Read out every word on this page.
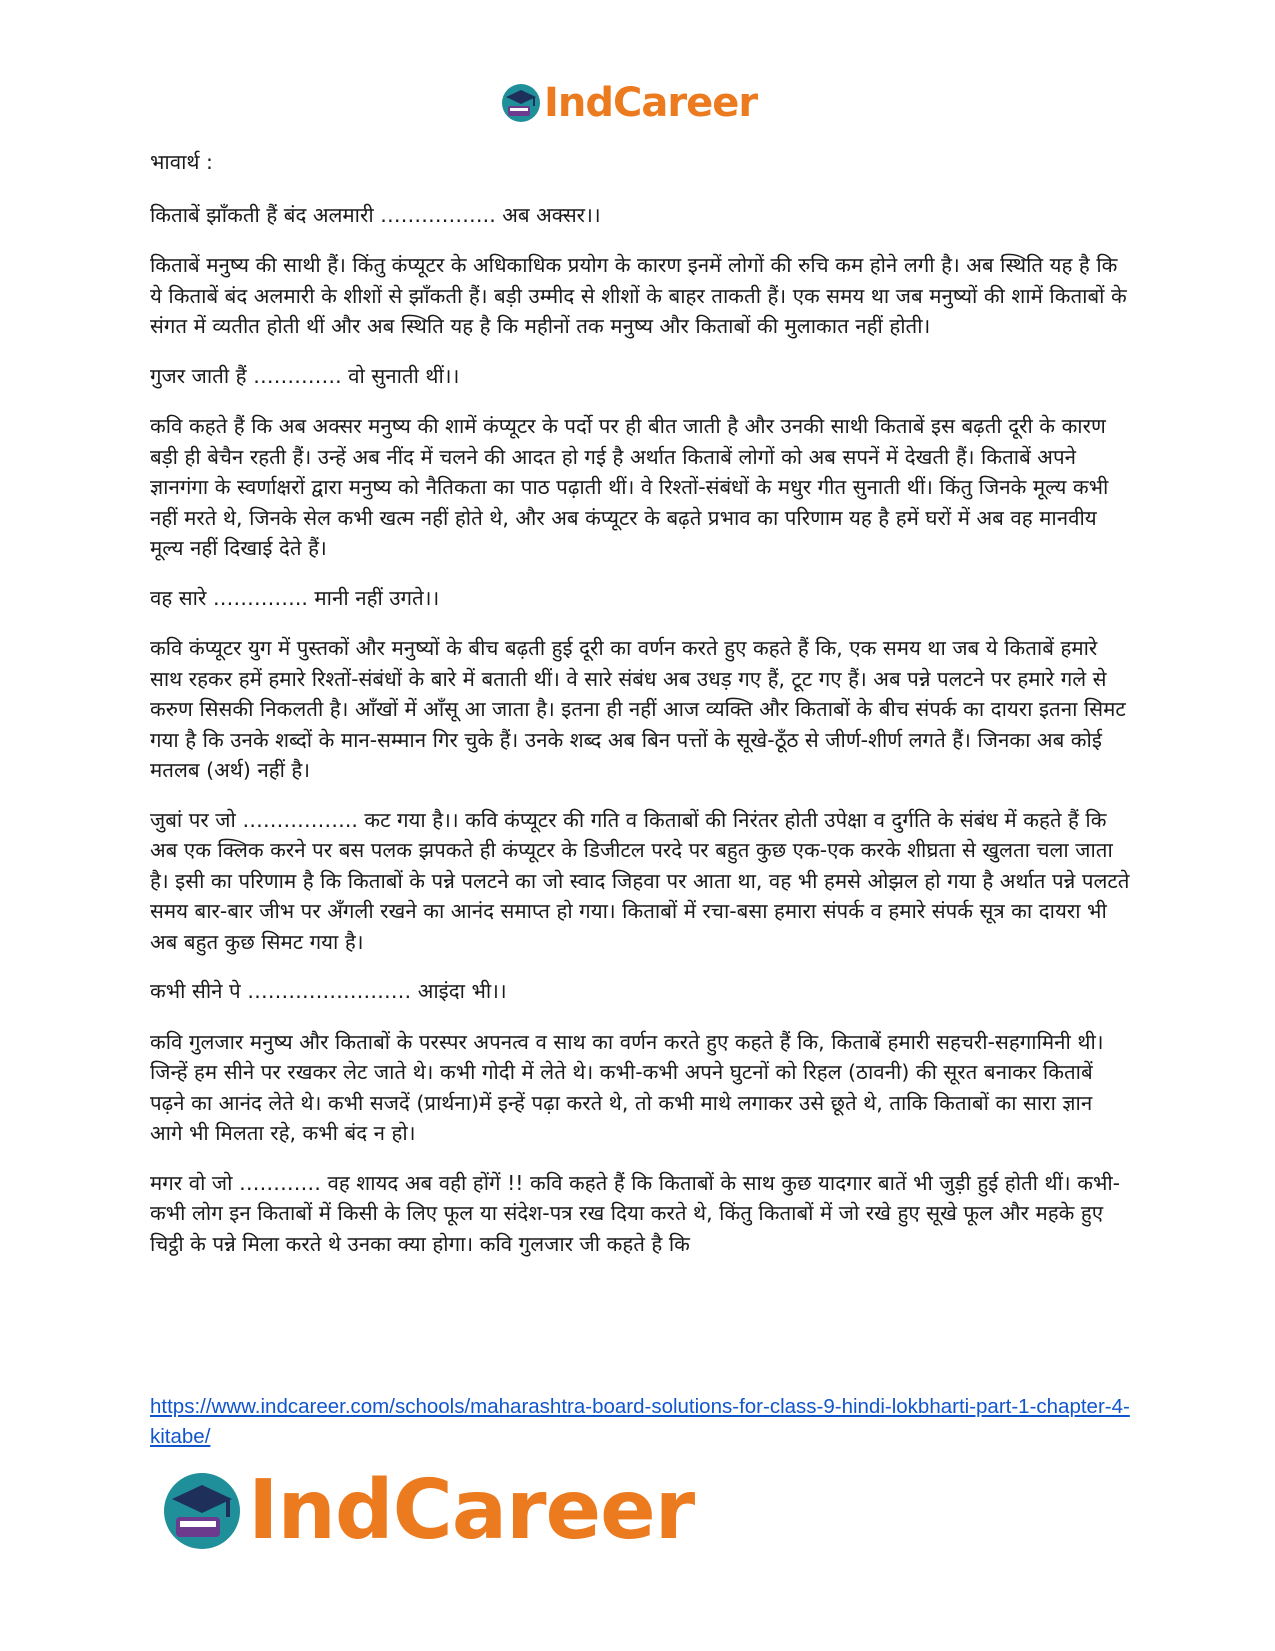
IndCareer

भावार्थ :

किताबें झाँकती हैं बंद अलमारी …………….. अब अक्सर।।

किताबें मनुष्य की साथी हैं। किंतु कंप्यूटर के अधिकाधिक प्रयोग के कारण इनमें लोगों की रुचि कम होने लगी है। अब स्थिति यह है कि ये किताबें बंद अलमारी के शीशों से झाँकती हैं। बड़ी उम्मीद से शीशों के बाहर ताकती हैं। एक समय था जब मनुष्यों की शामें किताबों के संगत में व्यतीत होती थीं और अब स्थिति यह है कि महीनों तक मनुष्य और किताबों की मुलाकात नहीं होती।

गुजर जाती हैं …………. वो सुनाती थीं।।

कवि कहते हैं कि अब अक्सर मनुष्य की शामें कंप्यूटर के पर्दो पर ही बीत जाती है और उनकी साथी किताबें इस बढ़ती दूरी के कारण बड़ी ही बेचैन रहती हैं। उन्हें अब नींद में चलने की आदत हो गई है अर्थात किताबें लोगों को अब सपनें में देखती हैं। किताबें अपने ज्ञानगंगा के स्वर्णाक्षरों द्वारा मनुष्य को नैतिकता का पाठ पढ़ाती थीं। वे रिश्तों-संबंधों के मधुर गीत सुनाती थीं। किंतु जिनके मूल्य कभी नहीं मरते थे, जिनके सेल कभी खत्म नहीं होते थे, और अब कंप्यूटर के बढ़ते प्रभाव का परिणाम यह है हमें घरों में अब वह मानवीय मूल्य नहीं दिखाई देते हैं।

वह सारे ………….. मानी नहीं उगते।।

कवि कंप्यूटर युग में पुस्तकों और मनुष्यों के बीच बढ़ती हुई दूरी का वर्णन करते हुए कहते हैं कि, एक समय था जब ये किताबें हमारे साथ रहकर हमें हमारे रिश्तों-संबंधों के बारे में बताती थीं। वे सारे संबंध अब उधड़ गए हैं, टूट गए हैं। अब पन्ने पलटने पर हमारे गले से करुण सिसकी निकलती है। आँखों में आँसू आ जाता है। इतना ही नहीं आज व्यक्ति और किताबों के बीच संपर्क का दायरा इतना सिमट गया है कि उनके शब्दों के मान-सम्मान गिर चुके हैं। उनके शब्द अब बिन पत्तों के सूखे-ठूँठ से जीर्ण-शीर्ण लगते हैं। जिनका अब कोई मतलब (अर्थ) नहीं है।

जुबां पर जो …………….. कट गया है।। कवि कंप्यूटर की गति व किताबों की निरंतर होती उपेक्षा व दुर्गति के संबंध में कहते हैं कि अब एक क्लिक करने पर बस पलक झपकते ही कंप्यूटर के डिजीटल परदे पर बहुत कुछ एक-एक करके शीघ्रता से खुलता चला जाता है। इसी का परिणाम है कि किताबों के पन्ने पलटने का जो स्वाद जिहवा पर आता था, वह भी हमसे ओझल हो गया है अर्थात पन्ने पलटते समय बार-बार जीभ पर अँगली रखने का आनंद समाप्त हो गया। किताबों में रचा-बसा हमारा संपर्क व हमारे संपर्क सूत्र का दायरा भी अब बहुत कुछ सिमट गया है।

कभी सीने पे …………………… आइंदा भी।।

कवि गुलजार मनुष्य और किताबों के परस्पर अपनत्व व साथ का वर्णन करते हुए कहते हैं कि, किताबें हमारी सहचरी-सहगामिनी थी। जिन्हें हम सीने पर रखकर लेट जाते थे। कभी गोदी में लेते थे। कभी-कभी अपने घुटनों को रिहल (ठावनी) की सूरत बनाकर किताबें पढ़ने का आनंद लेते थे। कभी सजदें (प्रार्थना)में इन्हें पढ़ा करते थे, तो कभी माथे लगाकर उसे छूते थे, ताकि किताबों का सारा ज्ञान आगे भी मिलता रहे, कभी बंद न हो।

मगर वो जो ………… वह शायद अब वही होंगें !! कवि कहते हैं कि किताबों के साथ कुछ यादगार बातें भी जुड़ी हुई होती थीं। कभी-कभी लोग इन किताबों में किसी के लिए फूल या संदेश-पत्र रख दिया करते थे, किंतु किताबों में जो रखे हुए सूखे फूल और महके हुए चिट्ठी के पन्ने मिला करते थे उनका क्या होगा। कवि गुलजार जी कहते है कि

https://www.indcareer.com/schools/maharashtra-board-solutions-for-class-9-hindi-lokbharti-part-1-chapter-4-kitabe/
IndCareer
